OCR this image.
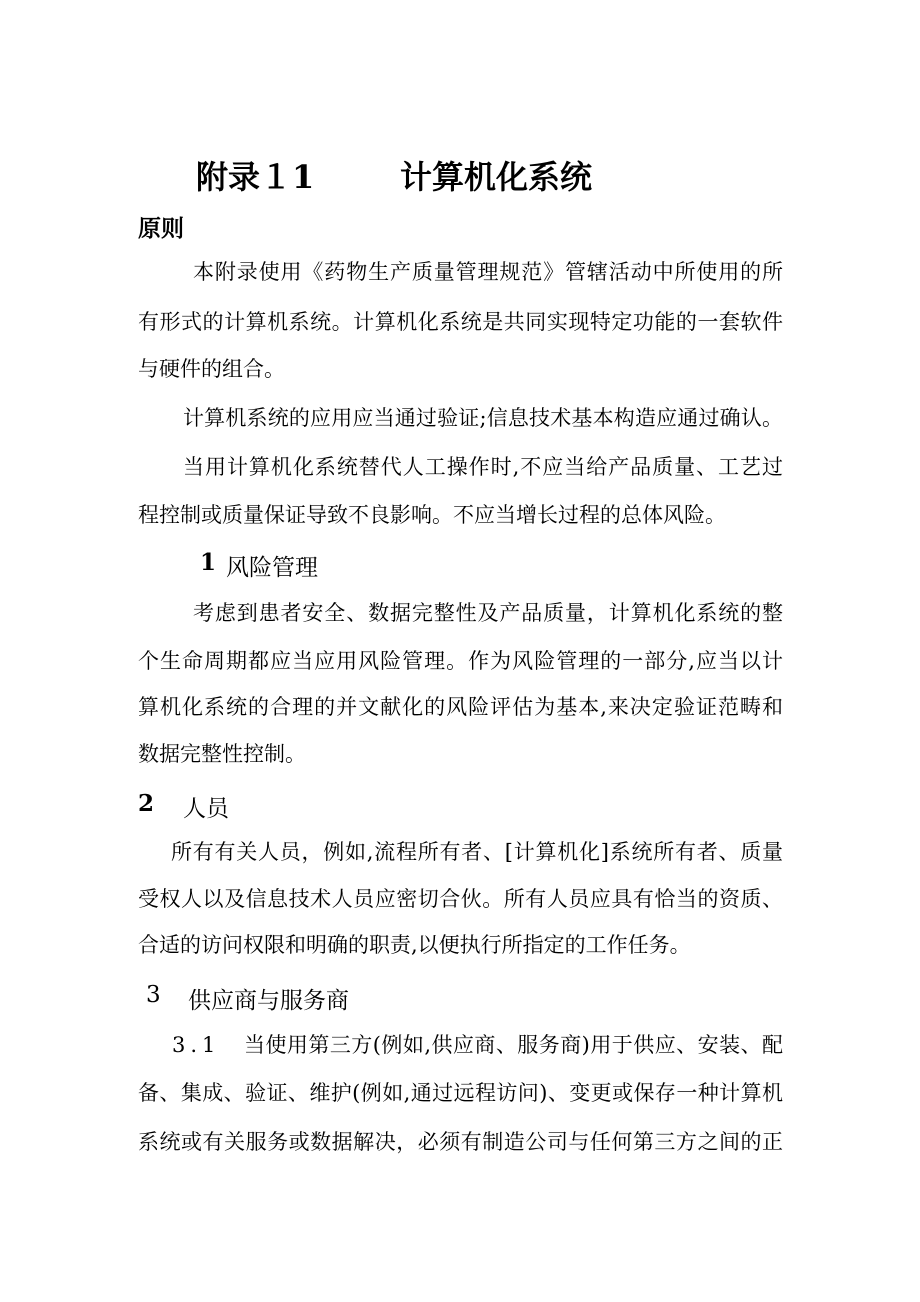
附录１1	计算机化系统
原则
本附录使用《药物生产质量管理规范》管辖活动中所使用的所
有形式的计算机系统。计算机化系统是共同实现特定功能的一套软件
与硬件的组合。
计算机系统的应用应当通过验证;信息技术基本构造应通过确认。
当用计算机化系统替代人工操作时,不应当给产品质量、工艺过
程控制或质量保证导致不良影响。不应当增长过程的总体风险。
1 风险管理
考虑到患者安全、数据完整性及产品质量，计算机化系统的整
个生命周期都应当应用风险管理。作为风险管理的一部分,应当以计
算机化系统的合理的并文献化的风险评估为基本,来决定验证范畴和
数据完整性控制。
2 人员
所有有关人员，例如,流程所有者、[计算机化]系统所有者、质量
受权人以及信息技术人员应密切合伙。所有人员应具有恰当的资质、
合适的访问权限和明确的职责,以便执行所指定的工作任务。
3 供应商与服务商
3.1 当使用第三方(例如,供应商、服务商)用于供应、安装、配
备、集成、验证、维护(例如,通过远程访问)、变更或保存一种计算机
系统或有关服务或数据解决，必须有制造公司与任何第三方之间的正
